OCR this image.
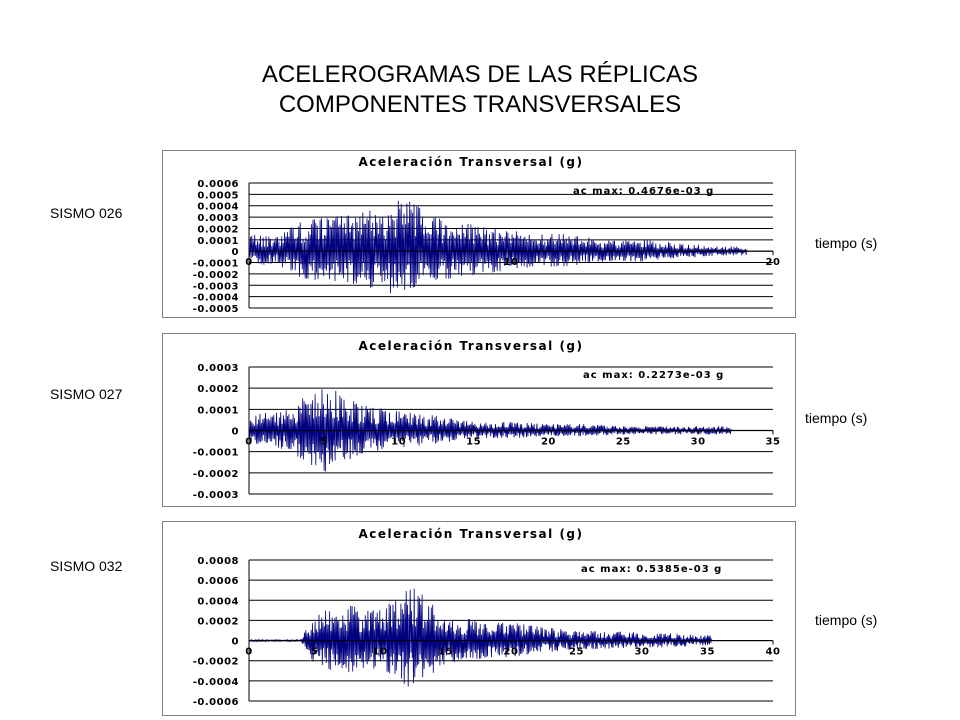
ACELEROGRAMAS DE LAS RÉPLICAS
COMPONENTES TRANSVERSALES
SISMO 026
SISMO 027
SISMO 032
tiempo (s)
tiempo (s)
tiempo (s)
Aceleración Transversal (g)
-0.0005
-0.0004
-0.0003
-0.0002
-0.0001
0
0.0001
0.0002
0.0003
0.0004
0.0005
0.0006
0	10	20
ac max: 0.4676e-03 g
Aceleración Transversal (g)
-0.0003
-0.0002
-0.0001
0
0.0001
0.0002
0.0003
0	5	10	15	20	25	30	35
ac max: 0.2273e-03 g
Aceleración Transversal (g)
-0.0006
-0.0004
-0.0002
0
0.0002
0.0004
0.0006
0.0008
0	5	10	15	20	25	30	35	40
ac max: 0.5385e-03 g
